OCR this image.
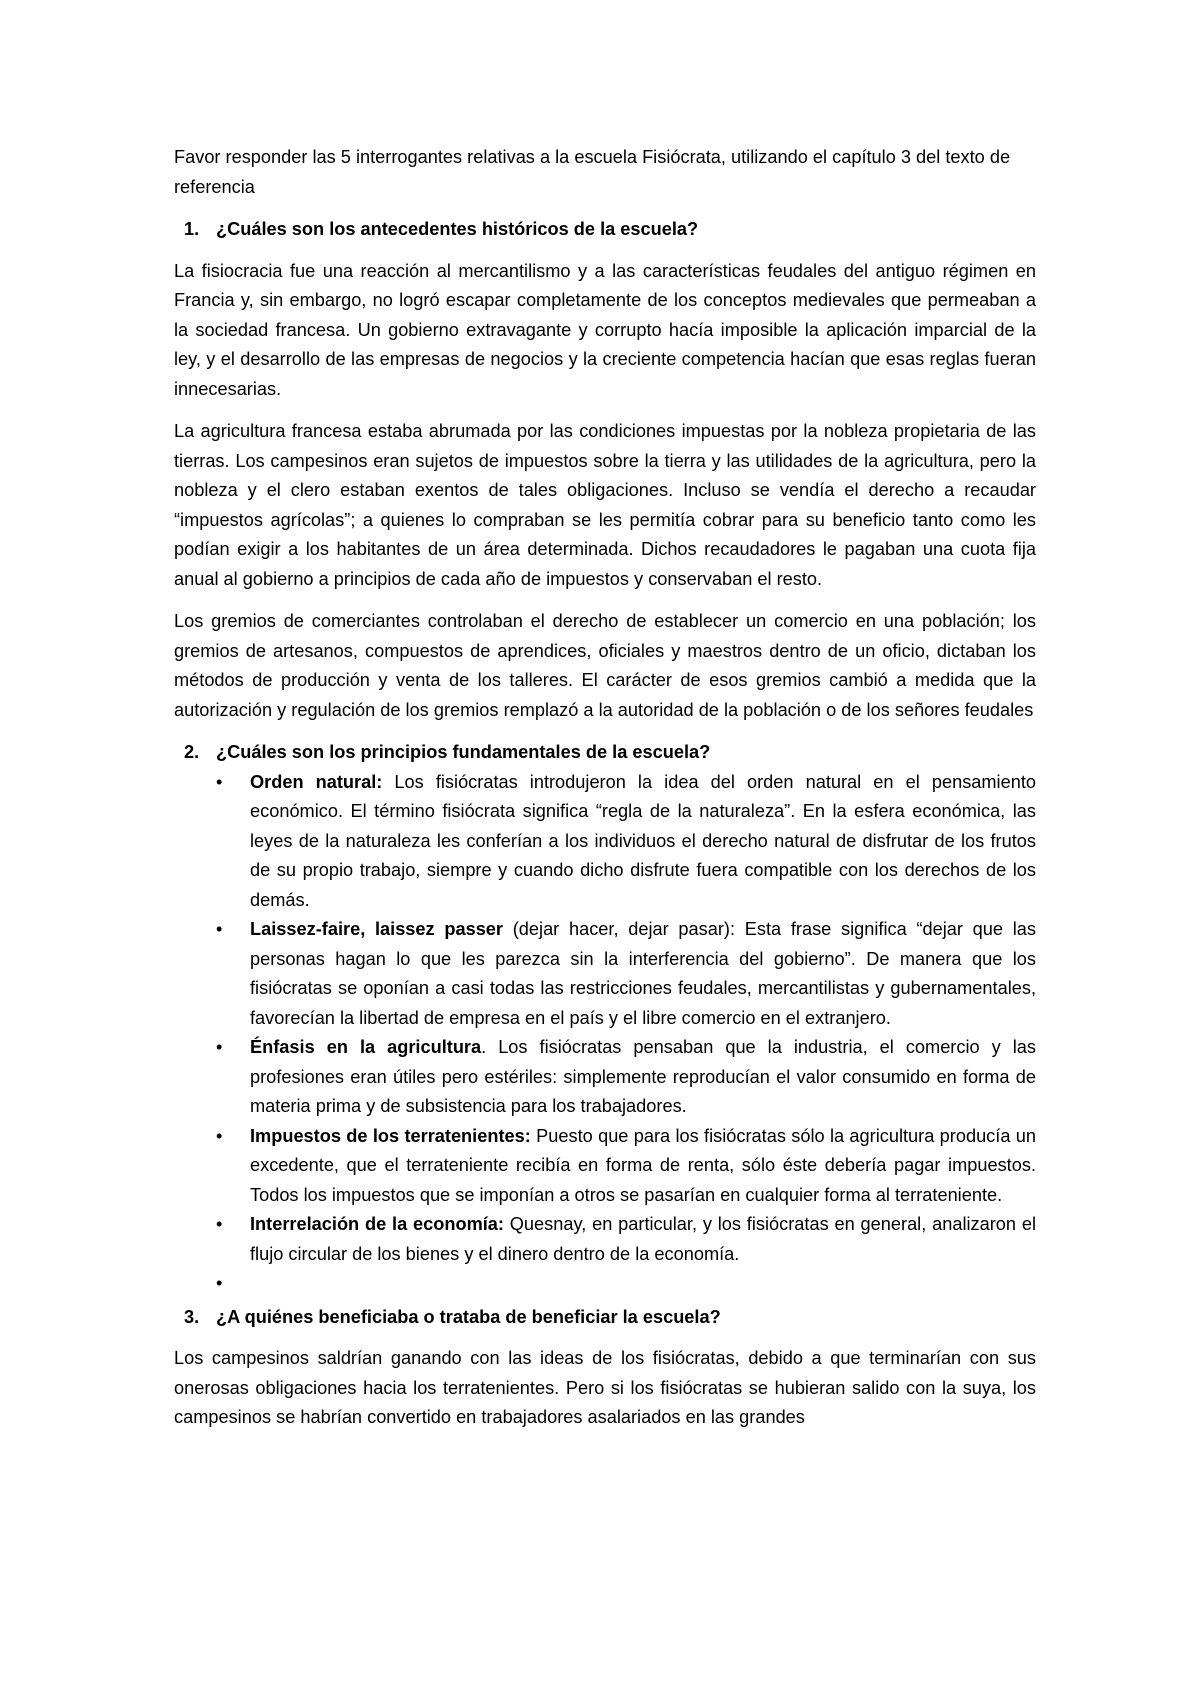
Favor responder las 5 interrogantes relativas a la escuela Fisiócrata, utilizando el capítulo 3 del texto de referencia

1. ¿Cuáles son los antecedentes históricos de la escuela?

La fisiocracia fue una reacción al mercantilismo y a las características feudales del antiguo régimen en Francia y, sin embargo, no logró escapar completamente de los conceptos medievales que permeaban a la sociedad francesa. Un gobierno extravagante y corrupto hacía imposible la aplicación imparcial de la ley, y el desarrollo de las empresas de negocios y la creciente competencia hacían que esas reglas fueran innecesarias.

La agricultura francesa estaba abrumada por las condiciones impuestas por la nobleza propietaria de las tierras. Los campesinos eran sujetos de impuestos sobre la tierra y las utilidades de la agricultura, pero la nobleza y el clero estaban exentos de tales obligaciones. Incluso se vendía el derecho a recaudar “impuestos agrícolas”; a quienes lo compraban se les permitía cobrar para su beneficio tanto como les podían exigir a los habitantes de un área determinada. Dichos recaudadores le pagaban una cuota fija anual al gobierno a principios de cada año de impuestos y conservaban el resto.

Los gremios de comerciantes controlaban el derecho de establecer un comercio en una población; los gremios de artesanos, compuestos de aprendices, oficiales y maestros dentro de un oficio, dictaban los métodos de producción y venta de los talleres. El carácter de esos gremios cambió a medida que la autorización y regulación de los gremios remplazó a la autoridad de la población o de los señores feudales

2. ¿Cuáles son los principios fundamentales de la escuela?

• Orden natural: Los fisiócratas introdujeron la idea del orden natural en el pensamiento económico. El término fisiócrata significa “regla de la naturaleza”. En la esfera económica, las leyes de la naturaleza les conferían a los individuos el derecho natural de disfrutar de los frutos de su propio trabajo, siempre y cuando dicho disfrute fuera compatible con los derechos de los demás.
• Laissez-faire, laissez passer (dejar hacer, dejar pasar): Esta frase significa “dejar que las personas hagan lo que les parezca sin la interferencia del gobierno”. De manera que los fisiócratas se oponían a casi todas las restricciones feudales, mercantilistas y gubernamentales, favorecían la libertad de empresa en el país y el libre comercio en el extranjero.
• Énfasis en la agricultura. Los fisiócratas pensaban que la industria, el comercio y las profesiones eran útiles pero estériles: simplemente reproducían el valor consumido en forma de materia prima y de subsistencia para los trabajadores.
• Impuestos de los terratenientes: Puesto que para los fisiócratas sólo la agricultura producía un excedente, que el terrateniente recibía en forma de renta, sólo éste debería pagar impuestos. Todos los impuestos que se imponían a otros se pasarían en cualquier forma al terrateniente.
• Interrelación de la economía: Quesnay, en particular, y los fisiócratas en general, analizaron el flujo circular de los bienes y el dinero dentro de la economía.
•

3. ¿A quiénes beneficiaba o trataba de beneficiar la escuela?

Los campesinos saldrían ganando con las ideas de los fisiócratas, debido a que terminarían con sus onerosas obligaciones hacia los terratenientes. Pero si los fisiócratas se hubieran salido con la suya, los campesinos se habrían convertido en trabajadores asalariados en las grandes
